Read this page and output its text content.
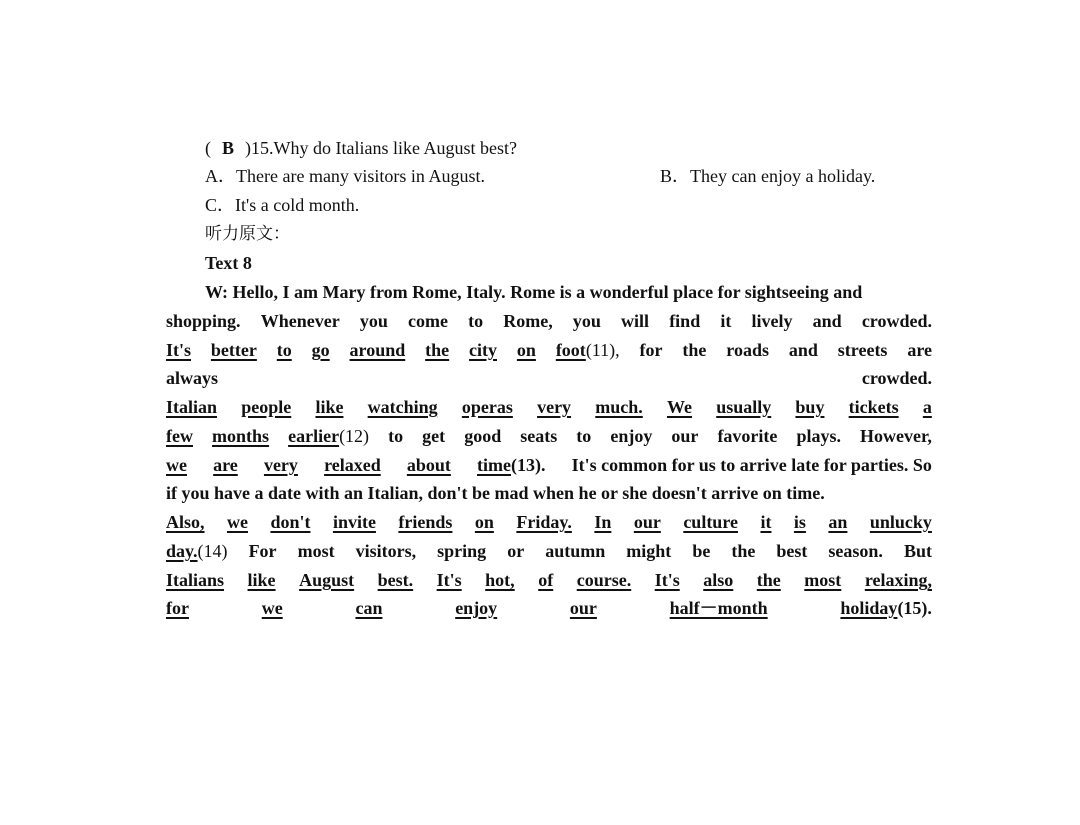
( B )15.Why do Italians like August best?
A．There are many visitors in August.	B．They can enjoy a holiday.
C．It's a cold month.
听力原文：
Text 8
W: Hello, I am Mary from Rome, Italy. Rome is a wonderful place for sightseeing and
shopping. Whenever you come to Rome, you will find it lively and crowded.
It's better to go around the city on foot(11), for the roads and streets are
always	crowded.
Italian people like watching operas very much. We usually buy tickets a
few months earlier(12) to get good seats to enjoy our favorite plays. However,
we are very relaxed about time(13). It's common for us to arrive late for parties. So
if you have a date with an Italian, don't be mad when he or she doesn't arrive on time.
Also, we don't invite friends on Friday. In our culture it is an unlucky
day.(14) For most visitors, spring or autumn might be the best season. But
Italians like August best. It's hot, of course. It's also the most relaxing,
for	we	can	enjoy	our	half－month	holiday(15).
